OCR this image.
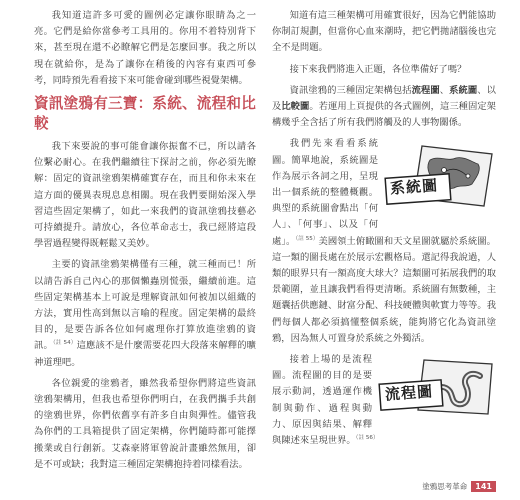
我知道這許多可愛的圖例必定讓你眼睛為之一亮。它們是給你當參考工具用的。你用不着特別背下來，甚至現在還不必瞭解它們是怎麼回事。我之所以現在就給你，是為了讓你在稍後的內容有東西可參考，同時預先看看接下來可能會碰到哪些視覺架構。

資訊塗鴉有三寶：系統、流程和比較

我下來要說的事可能會讓你振奮不已，所以請各位繫必耐心。在我們繼續往下探討之前，你必須先瞭解：固定的資訊塗鴉架構確實存在，而且和你未來在這方面的優異表現息息相關。現在我們要開始深入學習這些固定架構了，如此一來我們的資訊塗鴉技藝必可持續提升。請放心，各位革命志士，我已經將這段學習過程變得既輕鬆又美妙。

主要的資訊塗鴉架構僅有三種，就三種而已！所以請告訴自己內心的那個懶蟲別慌張，繼續前進。這些固定架構基本上可說是理解資訊如何被加以組織的方法，實用性高到無以言喻的程度。固定架構的最終目的，是要告訴各位如何處理你打算放進塗鴉的資訊。$^{(註 54)}$這應該不是什麼需要花四大段落來解釋的曠神道理吧。

各位親愛的塗鴉者，雖然我希望你們將這些資訊塗鴉架構用，但我也希望你們明白，在我們攜手共創的塗鴉世界，你們依舊享有許多自由與彈性。儘管我為你們的工具箱提供了固定架構，你們隨時都可能擇搬業或自行創新。艾森豪將軍曾說計畫雖然無用，卻是不可或缺；我對這三種固定架構抱持着同樣看法。

知道有這三種架構可用確實很好，因為它們能協助你制訂規劃，但當你心血來潮時，把它們拋諸腦後也完全不是問題。

接下來我們將進入正題，各位準備好了嗎？

資訊塗鴉的三種固定架構包括流程圖、系統圖、以及比較圖。若運用上頁提供的各式圖例，這三種固定架構幾乎全含括了所有我們將觸及的人事物關係。

系統圖

我們先來看看系統圖。簡單地說，系統圖是作為展示各詞之用，呈現出一個系統的整體概觀。典型的系統圖會點出「何人」、「何事」、以及「何處」。$^{(註 55)}$美國領土俯瞰圖和天文星圖就屬於系統圖。這一類的圖長處在於展示宏觀格局。還記得我說過，人類的眼界只有一額高度大球大？這類圖可拓展我們的取景範圍，並且讓我們看得更清晰。系統圖有無數種，主題囊括供應鏈、財富分配、科技硬體與軟實力等等。我們每個人都必須搞懂整個系統，能夠將它化為資訊塗鴉，因為無人可置身於系統之外獨活。

流程圖

接着上場的是流程圖。流程圖的目的是要展示動詞，透過運作機制與動作、過程與動力、原因與結果、解釋與陳述來呈現世界。$^{(註 56)}$

塗鴉思考革命	141
